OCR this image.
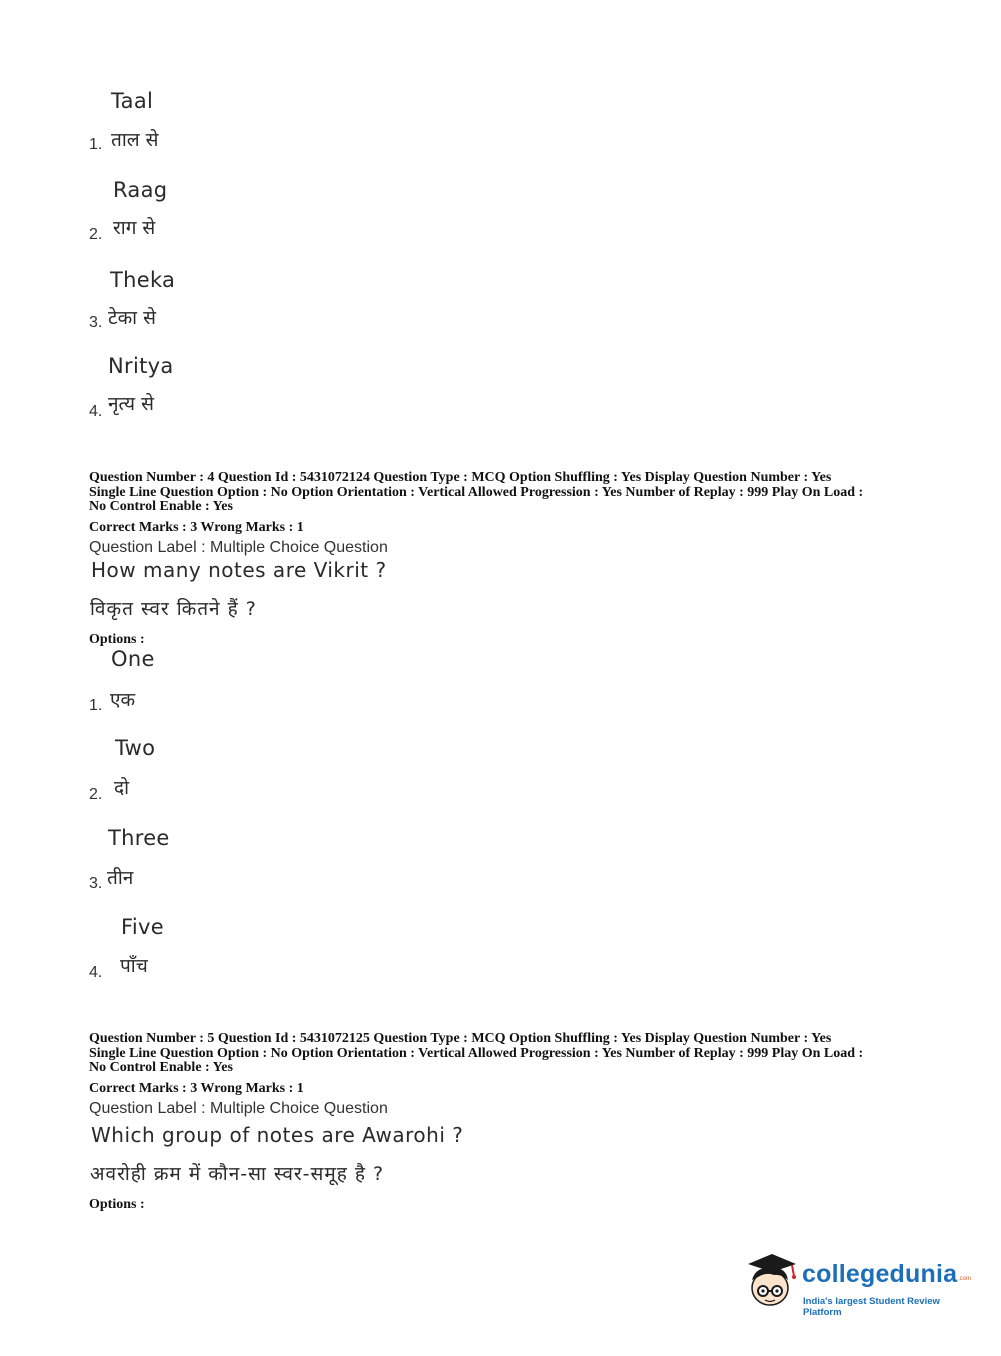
Taal
1. ताल से
Raag
2. राग से
Theka
3. टेका से
Nritya
4. नृत्य से
Question Number : 4 Question Id : 5431072124 Question Type : MCQ Option Shuffling : Yes Display Question Number : Yes
Single Line Question Option : No Option Orientation : Vertical Allowed Progression : Yes Number of Replay : 999 Play On Load :
No Control Enable : Yes
Correct Marks : 3 Wrong Marks : 1
Question Label : Multiple Choice Question
How many notes are Vikrit ?
विकृत स्वर कितने हैं ?
Options :
One
1. एक
Two
2. दो
Three
3. तीन
Five
4. पाँच
Question Number : 5 Question Id : 5431072125 Question Type : MCQ Option Shuffling : Yes Display Question Number : Yes
Single Line Question Option : No Option Orientation : Vertical Allowed Progression : Yes Number of Replay : 999 Play On Load :
No Control Enable : Yes
Correct Marks : 3 Wrong Marks : 1
Question Label : Multiple Choice Question
Which group of notes are Awarohi ?
अवरोही क्रम में कौन-सा स्वर-समूह है ?
Options :
collegedunia .com
India's largest Student Review Platform
